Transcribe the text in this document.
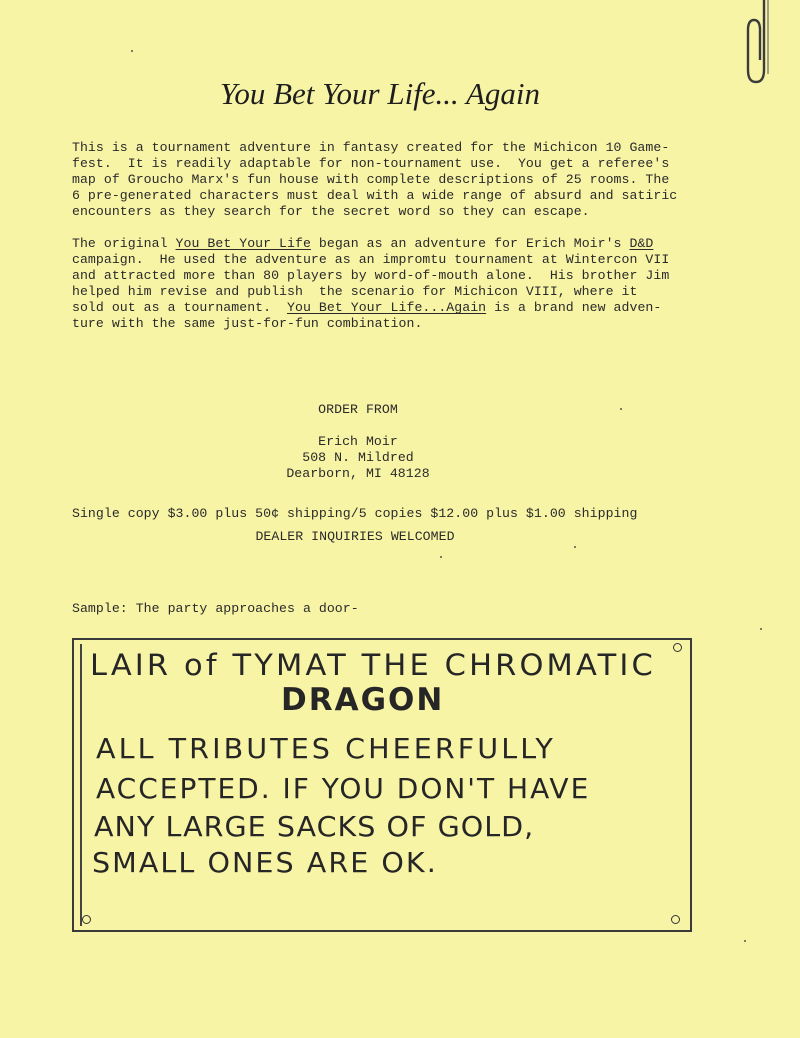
You Bet Your Life... Again
This is a tournament adventure in fantasy created for the Michicon 10 Game-
fest.  It is readily adaptable for non-tournament use.  You get a referee's
map of Groucho Marx's fun house with complete descriptions of 25 rooms. The
6 pre-generated characters must deal with a wide range of absurd and satiric
encounters as they search for the secret word so they can escape.
The original You Bet Your Life began as an adventure for Erich Moir's D&D
campaign.  He used the adventure as an impromtu tournament at Wintercon VII
and attracted more than 80 players by word-of-mouth alone.  His brother Jim
helped him revise and publish  the scenario for Michicon VIII, where it
sold out as a tournament.  You Bet Your Life...Again is a brand new adven-
ture with the same just-for-fun combination.
ORDER FROM
Erich Moir
508 N. Mildred
Dearborn, MI 48128
Single copy $3.00 plus 50¢ shipping/5 copies $12.00 plus $1.00 shipping
DEALER INQUIRIES WELCOMED
Sample: The party approaches a door-
LAIR of TYMAT THE CHROMATIC
DRAGON
ALL TRIBUTES CHEERFULLY
ACCEPTED. IF YOU DON'T HAVE
ANY LARGE SACKS OF GOLD,
SMALL ONES ARE OK.
